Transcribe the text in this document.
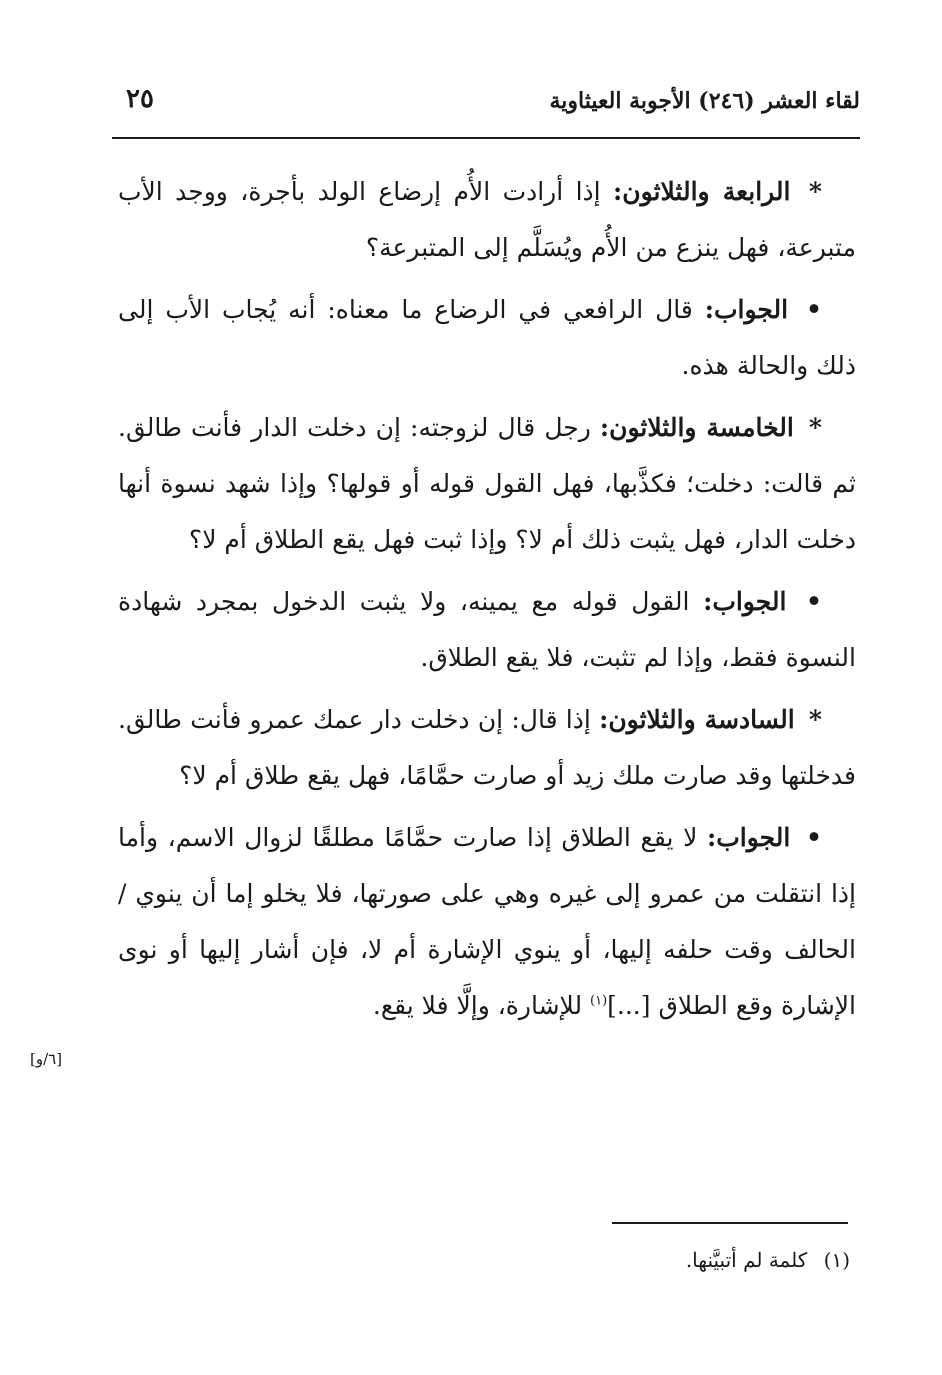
٢٥	لقاء العشر (٢٤٦) الأجوبة العيثاوية

* الرابعة والثلاثون: إذا أرادت الأُم إرضاع الولد بأجرة، ووجد الأب متبرعة، فهل ينزع من الأُم ويُسَلَّم إلى المتبرعة؟

• الجواب: قال الرافعي في الرضاع ما معناه: أنه يُجاب الأب إلى ذلك والحالة هذه.

* الخامسة والثلاثون: رجل قال لزوجته: إن دخلت الدار فأنت طالق. ثم قالت: دخلت؛ فكذَّبها، فهل القول قوله أو قولها؟ وإذا شهد نسوة أنها دخلت الدار، فهل يثبت ذلك أم لا؟ وإذا ثبت فهل يقع الطلاق أم لا؟

• الجواب: القول قوله مع يمينه، ولا يثبت الدخول بمجرد شهادة النسوة فقط، وإذا لم تثبت، فلا يقع الطلاق.

* السادسة والثلاثون: إذا قال: إن دخلت دار عمك عمرو فأنت طالق. فدخلتها وقد صارت ملك زيد أو صارت حمَّامًا، فهل يقع طلاق أم لا؟

• الجواب: لا يقع الطلاق إذا صارت حمَّامًا مطلقًا لزوال الاسم، وأما إذا انتقلت من عمرو إلى غيره وهي على صورتها، فلا يخلو إما أن ينوي / الحالف وقت حلفه إليها، أو ينوي الإشارة أم لا، فإن أشار إليها أو نوى الإشارة وقع الطلاق [...]$^{(١)}$ للإشارة، وإلَّا فلا يقع.

[٦/و]
(١) كلمة لم أتبيَّنها.
